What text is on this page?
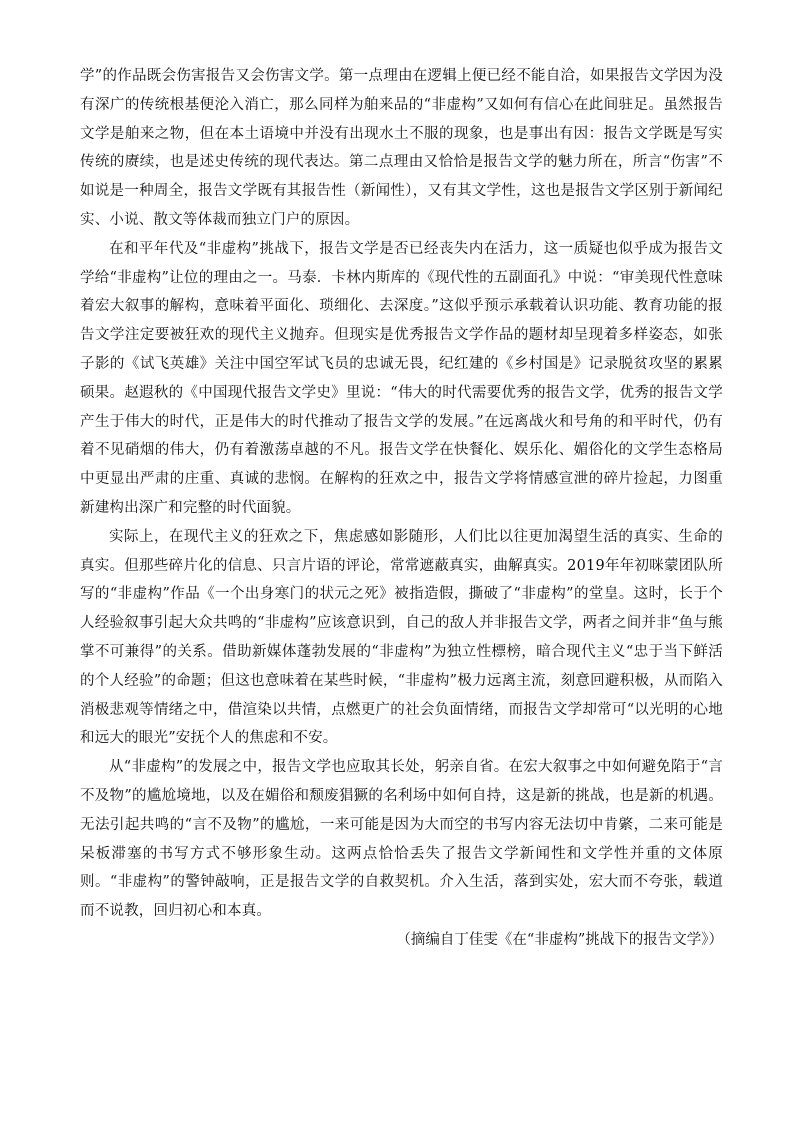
学”的作品既会伤害报告又会伤害文学。第一点理由在逻辑上便已经不能自洽，如果报告文学因为没有深广的传统根基便沦入消亡，那么同样为舶来品的“非虚构”又如何有信心在此间驻足。虽然报告文学是舶来之物，但在本土语境中并没有出现水土不服的现象，也是事出有因：报告文学既是写实传统的赓续，也是述史传统的现代表达。第二点理由又恰恰是报告文学的魅力所在，所言“伤害”不如说是一种周全，报告文学既有其报告性（新闻性），又有其文学性，这也是报告文学区别于新闻纪实、小说、散文等体裁而独立门户的原因。

在和平年代及“非虚构”挑战下，报告文学是否已经丧失内在活力，这一质疑也似乎成为报告文学给“非虚构”让位的理由之一。马泰．卡林内斯库的《现代性的五副面孔》中说：“审美现代性意味着宏大叙事的解构，意味着平面化、琐细化、去深度。”这似乎预示承载着认识功能、教育功能的报告文学注定要被狂欢的现代主义抛弃。但现实是优秀报告文学作品的题材却呈现着多样姿态，如张子影的《试飞英雄》关注中国空军试飞员的忠诚无畏，纪红建的《乡村国是》记录脱贫攻坚的累累硕果。赵遐秋的《中国现代报告文学史》里说：“伟大的时代需要优秀的报告文学，优秀的报告文学产生于伟大的时代，正是伟大的时代推动了报告文学的发展。”在远离战火和号角的和平时代，仍有着不见硝烟的伟大，仍有着激荡卓越的不凡。报告文学在快餐化、娱乐化、媚俗化的文学生态格局中更显出严肃的庄重、真诚的悲悯。在解构的狂欢之中，报告文学将情感宣泄的碎片捡起，力图重新建构出深广和完整的时代面貌。

实际上，在现代主义的狂欢之下，焦虑感如影随形，人们比以往更加渴望生活的真实、生命的真实。但那些碎片化的信息、只言片语的评论，常常遮蔽真实，曲解真实。2019年年初咪蒙团队所写的“非虚构”作品《一个出身寒门的状元之死》被指造假，撕破了“非虚构”的堂皇。这时，长于个人经验叙事引起大众共鸣的“非虚构”应该意识到，自己的敌人并非报告文学，两者之间并非“鱼与熊掌不可兼得”的关系。借助新媒体蓬勃发展的“非虚构”为独立性標榜，暗合现代主义“忠于当下鲜活的个人经验”的命题；但这也意味着在某些时候，“非虚构”极力远离主流，刻意回避积极，从而陷入消极悲观等情绪之中，借渲染以共情，点燃更广的社会负面情绪，而报告文学却常可“以光明的心地和远大的眼光”安抚个人的焦虑和不安。

从“非虚构”的发展之中，报告文学也应取其长处，躬亲自省。在宏大叙事之中如何避免陷于“言不及物”的尴尬境地，以及在媚俗和颓废猖獗的名利场中如何自持，这是新的挑战，也是新的机遇。无法引起共鸣的“言不及物”的尴尬，一来可能是因为大而空的书写内容无法切中肯綮，二来可能是呆板滞塞的书写方式不够形象生动。这两点恰恰丢失了报告文学新闻性和文学性并重的文体原则。“非虚构”的警钟敲响，正是报告文学的自救契机。介入生活，落到实处，宏大而不夸张，载道而不说教，回归初心和本真。

（摘编自丁佳雯《在“非虚构”挑战下的报告文学》）
